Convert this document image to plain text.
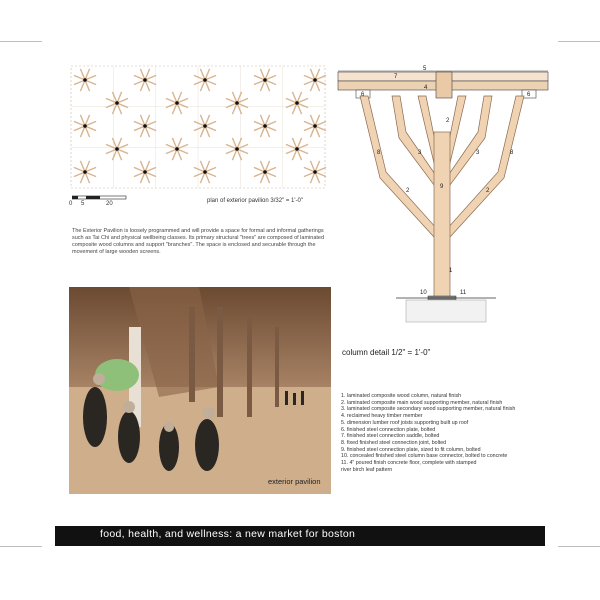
0 5	20	plan of exterior pavilion 3/32" = 1'-0"

The Exterior Pavilion is loosely programmed and will provide a space for formal and informal gatherings such as Tai Chi and physical wellbeing classes. Its primary structural "trees" are composed of laminated composite wood columns and support "branches". The space is enclosed and securable through the movement of large wooden screens.

5
7
4
6	6
2
3	3
8	8
9
2	2
1
10	11
column detail 1/2" = 1'-0"
1. laminated composite wood column, natural finish
2. laminated composite main wood supporting member, natural finish
3. laminated composite secondary wood supporting member, natural finish
4. reclaimed heavy timber member
5. dimension lumber roof joists supporting built up roof
6. finished steel connection plate, bolted
7. finished steel connection saddle, bolted
8. fixed finished steel connection joint, bolted
9. finished steel connection plate, sized to fit column, bolted
10. concealed finished steel column base connector, bolted to concrete
11. 4" poured finish concrete floor, complete with stamped
river birch leaf pattern
exterior pavilion
food, health, and wellness: a new market for boston
